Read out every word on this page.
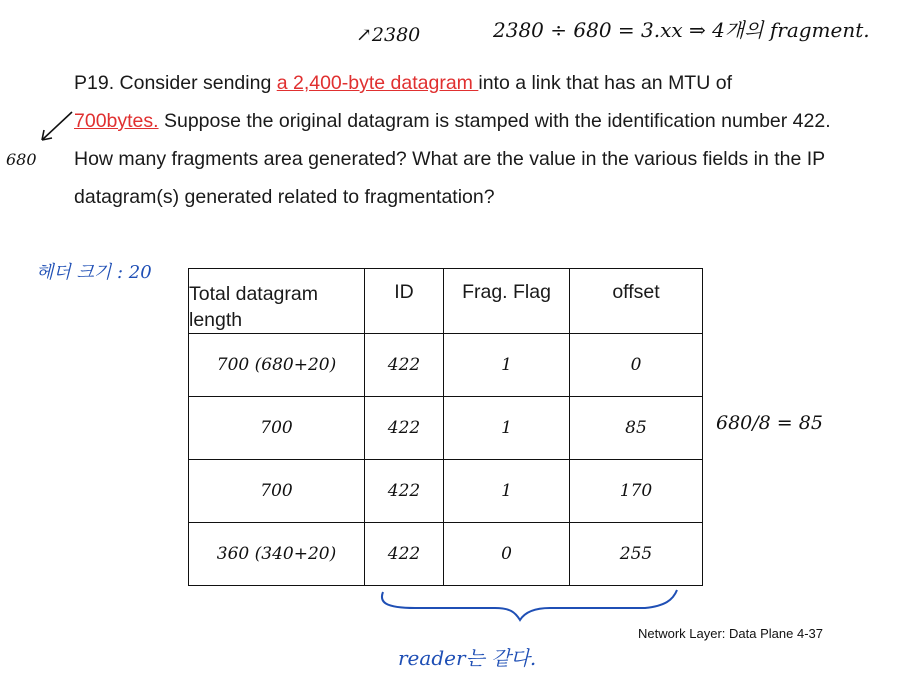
↗2380	2380 ÷ 680 = 3.xx ⇒ 4개의 fragment.
680

P19. Consider sending a 2,400-byte datagram into a link that has an MTU of
700bytes. Suppose the original datagram is stamped with the identification number 422. How many fragments area generated? What are the value in the various fields in the IP datagram(s) generated related to fragmentation?

헤더 크기 : 20
Total datagram length	ID	Frag. Flag	offset
700 (680+20)	422	1	0
700	422	1	85
700	422	1	170
360 (340+20)	422	0	255
680/8 = 85
reader는 같다.
Network Layer: Data Plane 4-37
